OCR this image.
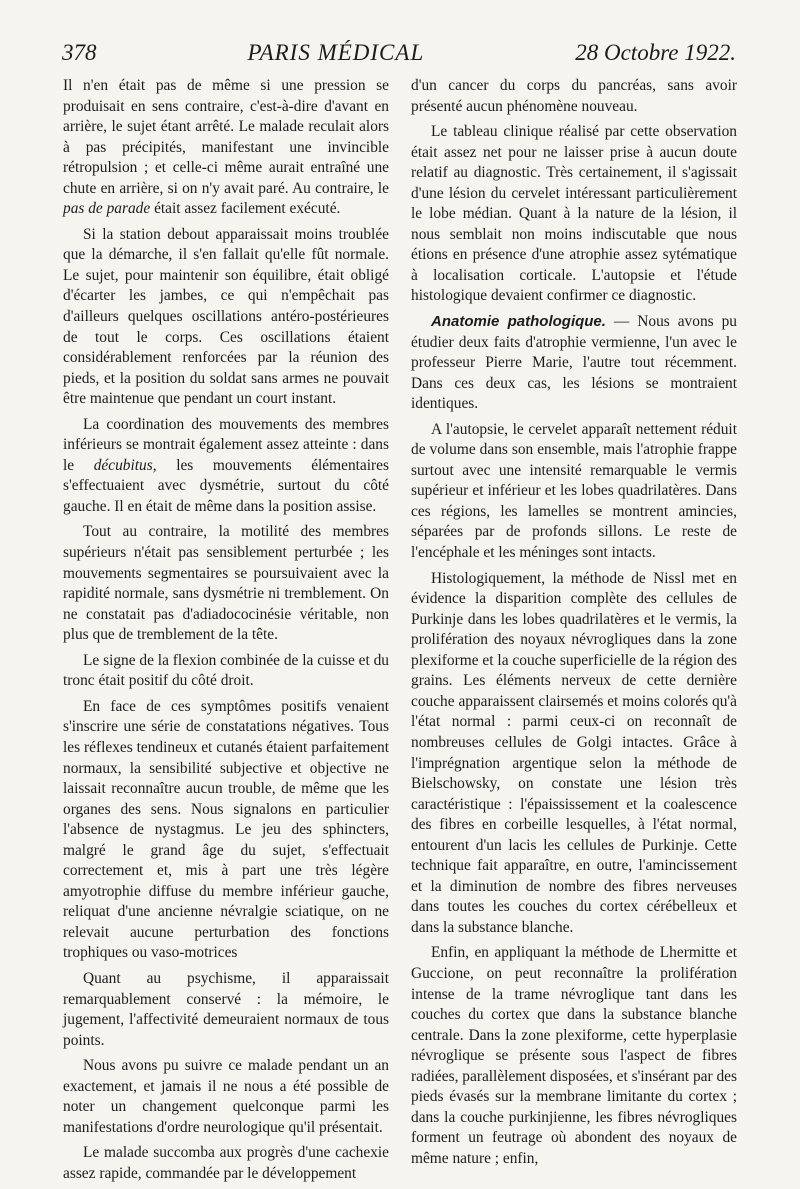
378	PARIS MÉDICAL	28 Octobre 1922.

Il n'en était pas de même si une pression se produisait en sens contraire, c'est-à-dire d'avant en arrière, le sujet étant arrêté. Le malade reculait alors à pas précipités, manifestant une invincible rétropulsion ; et celle-ci même aurait entraîné une chute en arrière, si on n'y avait paré. Au contraire, le pas de parade était assez facilement exécuté.

Si la station debout apparaissait moins troublée que la démarche, il s'en fallait qu'elle fût normale. Le sujet, pour maintenir son équilibre, était obligé d'écarter les jambes, ce qui n'empêchait pas d'ailleurs quelques oscillations antéro-postérieures de tout le corps. Ces oscillations étaient considérablement renforcées par la réunion des pieds, et la position du soldat sans armes ne pouvait être maintenue que pendant un court instant.

La coordination des mouvements des membres inférieurs se montrait également assez atteinte : dans le décubitus, les mouvements élémentaires s'effectuaient avec dysmétrie, surtout du côté gauche. Il en était de même dans la position assise.

Tout au contraire, la motilité des membres supérieurs n'était pas sensiblement perturbée ; les mouvements segmentaires se poursuivaient avec la rapidité normale, sans dysmétrie ni tremblement. On ne constatait pas d'adiadococinésie véritable, non plus que de tremblement de la tête.

Le signe de la flexion combinée de la cuisse et du tronc était positif du côté droit.

En face de ces symptômes positifs venaient s'inscrire une série de constatations négatives. Tous les réflexes tendineux et cutanés étaient parfaitement normaux, la sensibilité subjective et objective ne laissait reconnaître aucun trouble, de même que les organes des sens. Nous signalons en particulier l'absence de nystagmus. Le jeu des sphincters, malgré le grand âge du sujet, s'effectuait correctement et, mis à part une très légère amyotrophie diffuse du membre inférieur gauche, reliquat d'une ancienne névralgie sciatique, on ne relevait aucune perturbation des fonctions trophiques ou vaso-motrices

Quant au psychisme, il apparaissait remarquablement conservé : la mémoire, le jugement, l'affectivité demeuraient normaux de tous points.

Nous avons pu suivre ce malade pendant un an exactement, et jamais il ne nous a été possible de noter un changement quelconque parmi les manifestations d'ordre neurologique qu'il présentait.

Le malade succomba aux progrès d'une cachexie assez rapide, commandée par le développement

d'un cancer du corps du pancréas, sans avoir présenté aucun phénomène nouveau.

Le tableau clinique réalisé par cette observation était assez net pour ne laisser prise à aucun doute relatif au diagnostic. Très certainement, il s'agissait d'une lésion du cervelet intéressant particulièrement le lobe médian. Quant à la nature de la lésion, il nous semblait non moins indiscutable que nous étions en présence d'une atrophie assez sytématique à localisation corticale. L'autopsie et l'étude histologique devaient confirmer ce diagnostic.

Anatomie pathologique. — Nous avons pu étudier deux faits d'atrophie vermienne, l'un avec le professeur Pierre Marie, l'autre tout récemment. Dans ces deux cas, les lésions se montraient identiques.

A l'autopsie, le cervelet apparaît nettement réduit de volume dans son ensemble, mais l'atrophie frappe surtout avec une intensité remarquable le vermis supérieur et inférieur et les lobes quadrilatères. Dans ces régions, les lamelles se montrent amincies, séparées par de profonds sillons. Le reste de l'encéphale et les méninges sont intacts.

Histologiquement, la méthode de Nissl met en évidence la disparition complète des cellules de Purkinje dans les lobes quadrilatères et le vermis, la prolifération des noyaux névrogliques dans la zone plexiforme et la couche superficielle de la région des grains. Les éléments nerveux de cette dernière couche apparaissent clairsemés et moins colorés qu'à l'état normal : parmi ceux-ci on reconnaît de nombreuses cellules de Golgi intactes. Grâce à l'imprégnation argentique selon la méthode de Bielschowsky, on constate une lésion très caractéristique : l'épaississement et la coalescence des fibres en corbeille lesquelles, à l'état normal, entourent d'un lacis les cellules de Purkinje. Cette technique fait apparaître, en outre, l'amincissement et la diminution de nombre des fibres nerveuses dans toutes les couches du cortex cérébelleux et dans la substance blanche.

Enfin, en appliquant la méthode de Lhermitte et Guccione, on peut reconnaître la prolifération intense de la trame névroglique tant dans les couches du cortex que dans la substance blanche centrale. Dans la zone plexiforme, cette hyperplasie névroglique se présente sous l'aspect de fibres radiées, parallèlement disposées, et s'insérant par des pieds évasés sur la membrane limitante du cortex ; dans la couche purkinjienne, les fibres névrogliques forment un feutrage où abondent des noyaux de même nature ; enfin,
